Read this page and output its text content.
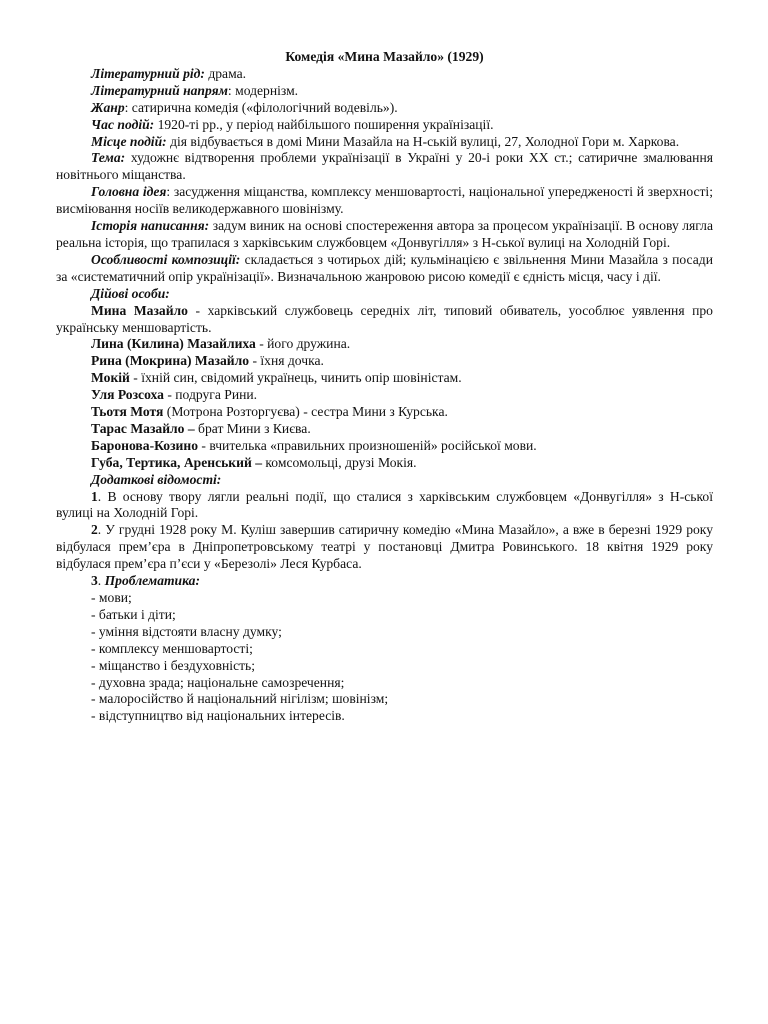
Комедія «Мина Мазайло» (1929)

Літературний рід: драма.

Літературний напрям: модернізм.

Жанр: сатирична комедія («філологічний водевіль»).

Час подій: 1920-ті рр., у період найбільшого поширення українізації.

Місце подій: дія відбувається в домі Мини Мазайла на Н-ській вулиці, 27, Холодної Гори м. Харкова.

Тема: художнє відтворення проблеми українізації в Україні у 20-і роки XX ст.; сатиричне змалювання новітнього міщанства.

Головна ідея: засудження міщанства, комплексу меншовартості, національної упередженості й зверхності; висміювання носіїв великодержавного шовінізму.

Історія написання: задум виник на основі спостереження автора за процесом українізації. В основу лягла реальна історія, що трапилася з харківським службовцем «Донвугілля» з Н-ської вулиці на Холодній Горі.

Особливості композиції: складається з чотирьох дій; кульмінацією є звільнення Мини Мазайла з посади за «систематичний опір українізації». Визначальною жанровою рисою комедії є єдність місця, часу і дії.

Дійові особи:

Мина Мазайло - харківський службовець середніх літ, типовий обиватель, уособлює уявлення про українську меншовартість.

Лина (Килина) Мазайлиха - його дружина.

Рина (Мокрина) Мазайло - їхня дочка.

Мокій - їхній син, свідомий українець, чинить опір шовіністам.

Уля Розсоха - подруга Рини.

Тьотя Мотя (Мотрона Розторгуєва) - сестра Мини з Курська.

Тарас Мазайло – брат Мини з Києва.

Баронова-Козино - вчителька «правильних произношеній» російської мови.

Губа, Тертика, Аренський – комсомольці, друзі Мокія.

Додаткові відомості:

1. В основу твору лягли реальні події, що сталися з харківським службовцем «Донвугілля» з Н-ської вулиці на Холодній Горі.

2. У грудні 1928 року М. Куліш завершив сатиричну комедію «Мина Мазайло», а вже в березні 1929 року відбулася прем’єра в Дніпропетровському театрі у постановці Дмитра Ровинського. 18 квітня 1929 року відбулася прем’єра п’єси у «Березолі» Леся Курбаса.

3. Проблематика:

- мови;
- батьки і діти;
- уміння відстояти власну думку;
- комплексу меншовартості;
- міщанство і бездуховність;
- духовна зрада; національне самозречення;
- малоросійство й національний нігілізм; шовінізм;
- відступництво від національних інтересів.
